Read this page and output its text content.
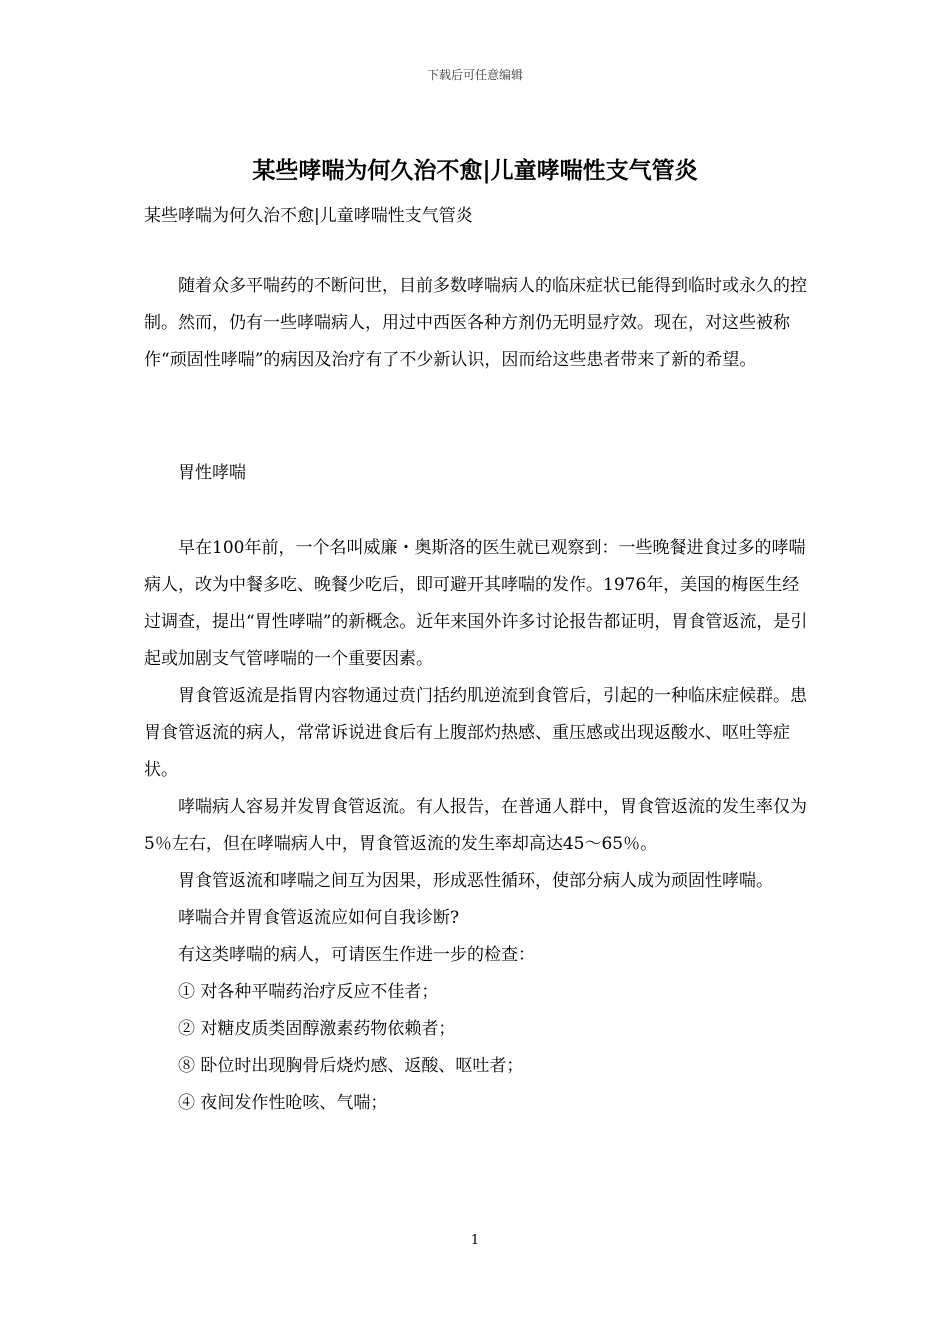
下载后可任意编辑
某些哮喘为何久治不愈|儿童哮喘性支气管炎
某些哮喘为何久治不愈|儿童哮喘性支气管炎

随着众多平喘药的不断问世，目前多数哮喘病人的临床症状已能得到临时或永久的控制。然而，仍有一些哮喘病人，用过中西医各种方剂仍无明显疗效。现在，对这些被称作“顽固性哮喘”的病因及治疗有了不少新认识，因而给这些患者带来了新的希望。

胃性哮喘

早在100年前，一个名叫威廉・奥斯洛的医生就已观察到：一些晚餐进食过多的哮喘病人，改为中餐多吃、晚餐少吃后，即可避开其哮喘的发作。1976年，美国的梅医生经过调查，提出“胃性哮喘”的新概念。近年来国外许多讨论报告都证明，胃食管返流，是引起或加剧支气管哮喘的一个重要因素。

胃食管返流是指胃内容物通过贲门括约肌逆流到食管后，引起的一种临床症候群。患胃食管返流的病人，常常诉说进食后有上腹部灼热感、重压感或出现返酸水、呕吐等症状。

哮喘病人容易并发胃食管返流。有人报告，在普通人群中，胃食管返流的发生率仅为5％左右，但在哮喘病人中，胃食管返流的发生率却高达45～65％。

胃食管返流和哮喘之间互为因果，形成恶性循环，使部分病人成为顽固性哮喘。

哮喘合并胃食管返流应如何自我诊断?

有这类哮喘的病人，可请医生作进一步的检查：

① 对各种平喘药治疗反应不佳者；

② 对糖皮质类固醇激素药物依赖者；

⑧ 卧位时出现胸骨后烧灼感、返酸、呕吐者；

④ 夜间发作性呛咳、气喘；

1
